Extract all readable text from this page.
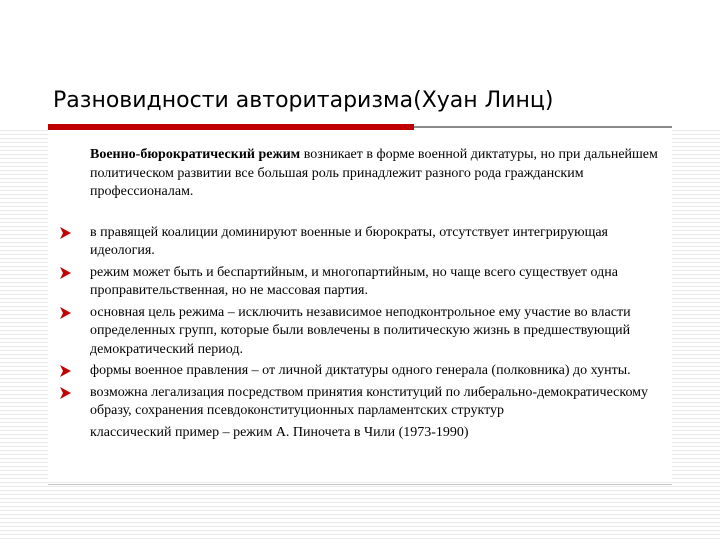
Разновидности авторитаризма(Хуан Линц)

Военно-бюрократический режим возникает в форме военной диктатуры, но при дальнейшем политическом развитии все большая роль принадлежит разного рода гражданским профессионалам.

в правящей коалиции доминируют военные и бюрократы, отсутствует интегрирующая идеология.
режим может быть и беспартийным, и многопартийным, но чаще всего существует одна проправительственная, но не массовая партия.
основная цель режима – исключить независимое неподконтрольное ему участие во власти определенных групп, которые были вовлечены в политическую жизнь в предшествующий демократический период.
формы военное правления – от личной диктатуры одного генерала (полковника) до хунты.
возможна легализация посредством принятия конституций по либерально-демократическому образу, сохранения псевдоконституционных парламентских структур

классический пример – режим А. Пиночета в Чили (1973-1990)
